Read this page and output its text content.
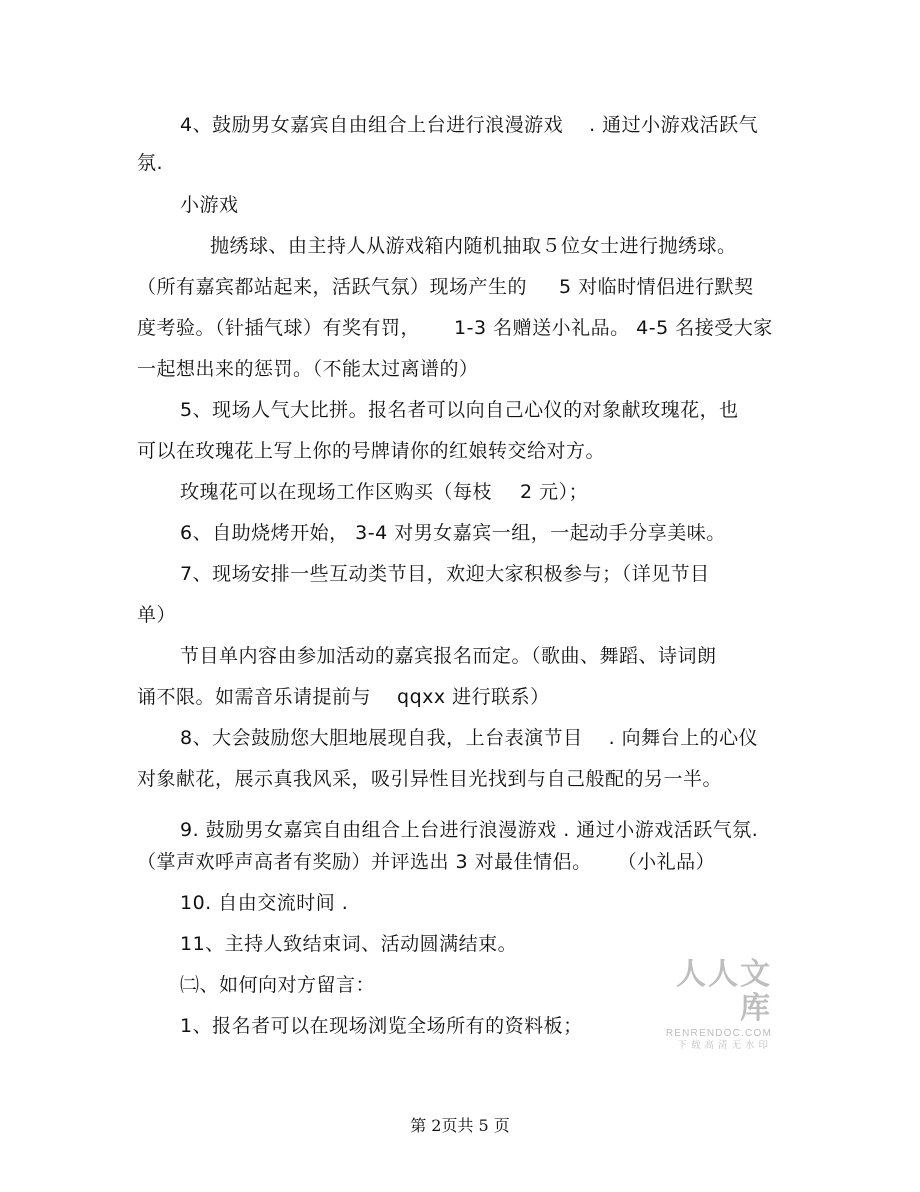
4、鼓励男女嘉宾自由组合上台进行浪漫游戏 . 通过小游戏活跃气
氛.
小游戏
抛绣球、由主持人从游戏箱内随机抽取５位女士进行抛绣球。
（所有嘉宾都站起来，活跃气氛）现场产生的 5 对临时情侣进行默契
度考验。（针插气球）有奖有罚， 1-3 名赠送小礼品。 4-5 名接受大家
一起想出来的惩罚。（不能太过离谱的）
5、现场人气大比拼。报名者可以向自己心仪的对象献玫瑰花，也
可以在玫瑰花上写上你的号牌请你的红娘转交给对方。
玫瑰花可以在现场工作区购买（每枝 2 元）；
6、自助烧烤开始， 3-4 对男女嘉宾一组，一起动手分享美味。
7、现场安排一些互动类节目，欢迎大家积极参与；（详见节目
单）
节目单内容由参加活动的嘉宾报名而定。（歌曲、舞蹈、诗词朗
诵不限。如需音乐请提前与 qqxx 进行联系）
8、大会鼓励您大胆地展现自我，上台表演节目 . 向舞台上的心仪
对象献花，展示真我风采，吸引异性目光找到与自己般配的另一半。
9. 鼓励男女嘉宾自由组合上台进行浪漫游戏 . 通过小游戏活跃气氛.
（掌声欢呼声高者有奖励）并评选出 3 对最佳情侣。 （小礼品）
10. 自由交流时间 .
11、主持人致结束词、活动圆满结束。
㈡、如何向对方留言：
1、报名者可以在现场浏览全场所有的资料板；
人人文库
RENRENDOC.COM
下载高清无水印
第 2页共 5 页
